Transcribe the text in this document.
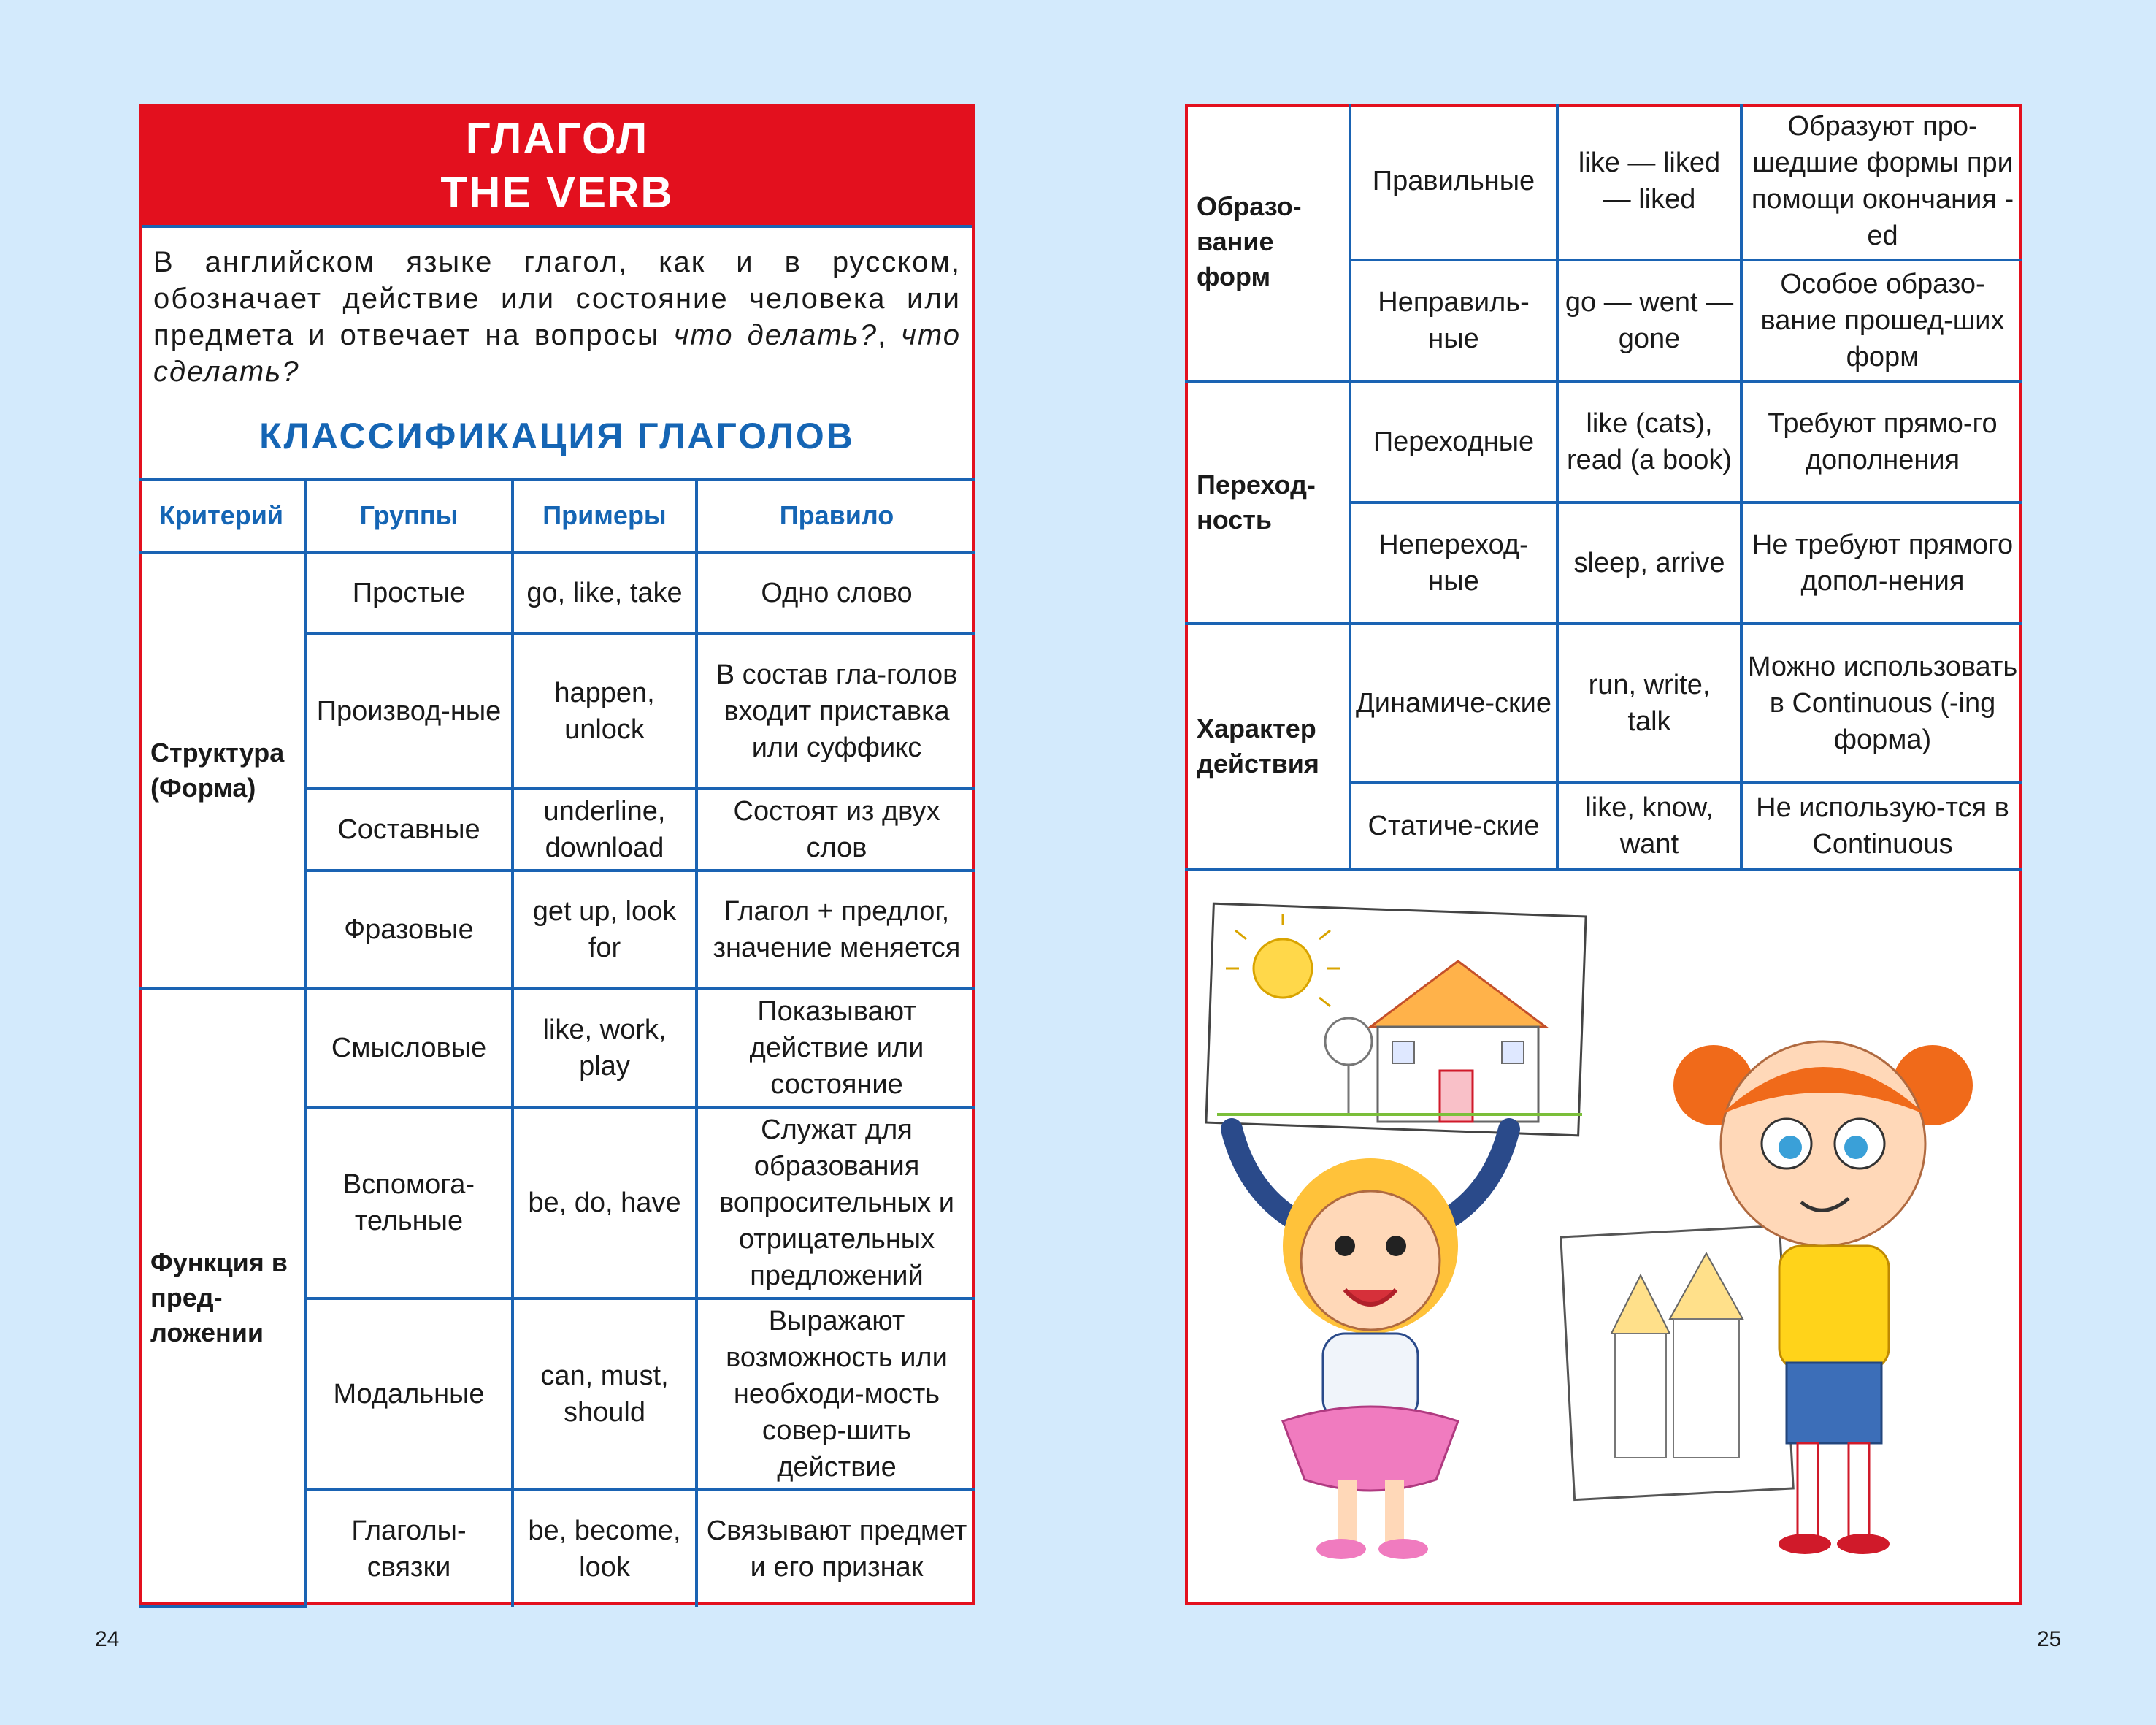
ГЛАГОЛ
THE VERB
В английском языке глагол, как и в русском, обозначает действие или состояние человека или предмета и отвечает на вопросы что делать?, что сделать?
КЛАССИФИКАЦИЯ ГЛАГОЛОВ
Критерий	Группы	Примеры	Правило
Структура (Форма)	Простые	go, like, take	Одно слово
	Производ-ные	happen, unlock	В состав гла-голов входит приставка или суффикс
	Составные	underline, download	Состоят из двух слов
	Фразовые	get up, look for	Глагол + предлог, значение меняется
Функция в пред-ложении	Смысловые	like, work, play	Показывают действие или состояние
	Вспомога-тельные	be, do, have	Служат для образования вопросительных и отрицательных предложений
	Модальные	can, must, should	Выражают возможность или необходи-мость совер-шить действие
	Глаголы-связки	be, become, look	Связывают предмет и его признак
Образо-вание форм	Правильные	like — liked — liked	Образуют про-шедшие формы при помощи окончания -ed
	Неправиль-ные	go — went — gone	Особое образо-вание прошед-ших форм
Переход-ность	Переходные	like (cats), read (a book)	Требуют прямо-го дополнения
	Непереход-ные	sleep, arrive	Не требуют прямого допол-нения
Характер действия	Динамиче-ские	run, write, talk	Можно использовать в Continuous (-ing форма)
	Статиче-ские	like, know, want	Не использую-тся в Continuous
24	25
